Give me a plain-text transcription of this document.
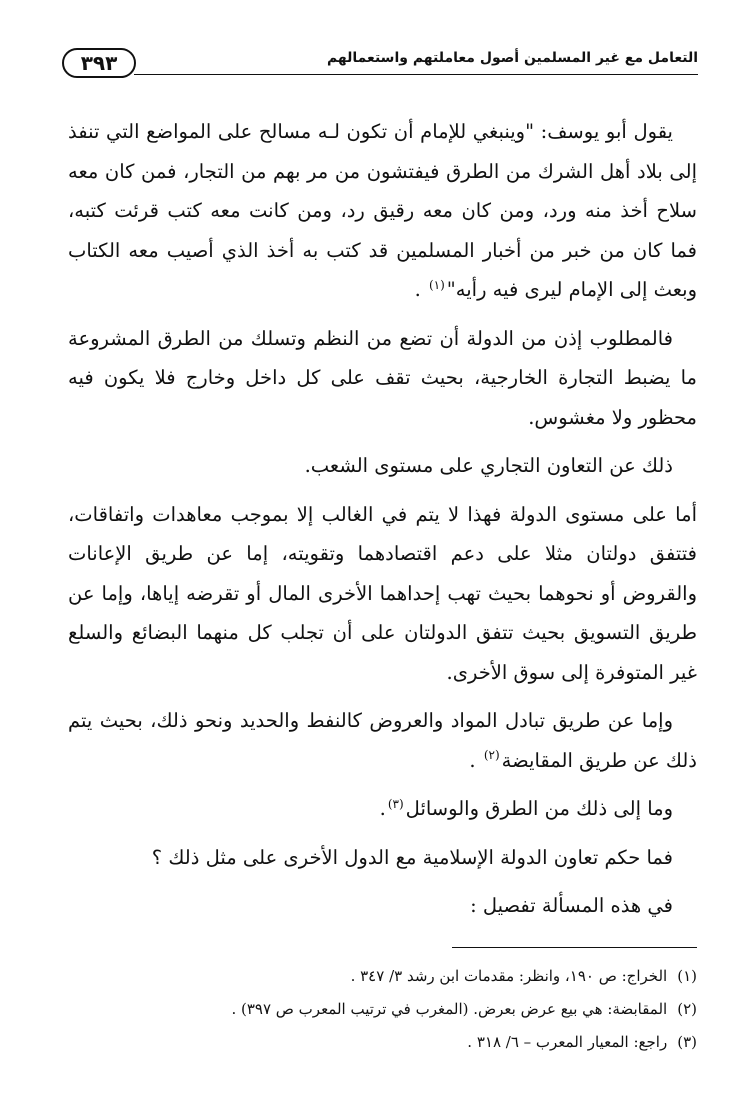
٣٩٣	التعامل مع غير المسلمين أصول معاملتهم واستعمالهم

يقول أبو يوسف: "وينبغي للإمام أن تكون لـه مسالح على المواضع التي تنفذ إلى بلاد أهل الشرك من الطرق فيفتشون من مر بهم من التجار، فمن كان معه سلاح أخذ منه ورد، ومن كان معه رقيق رد، ومن كانت معه كتب قرئت كتبه، فما كان من خبر من أخبار المسلمين قد كتب به أخذ الذي أصيب معه الكتاب وبعث إلى الإمام ليرى فيه رأيه"$^{(١)}$ .

فالمطلوب إذن من الدولة أن تضع من النظم وتسلك من الطرق المشروعة ما يضبط التجارة الخارجية، بحيث تقف على كل داخل وخارج فلا يكون فيه محظور ولا مغشوس.

ذلك عن التعاون التجاري على مستوى الشعب.

أما على مستوى الدولة فهذا لا يتم في الغالب إلا بموجب معاهدات واتفاقات، فتتفق دولتان مثلا على دعم اقتصادهما وتقويته، إما عن طريق الإعانات والقروض أو نحوهما بحيث تهب إحداهما الأخرى المال أو تقرضه إياها، وإما عن طريق التسويق بحيث تتفق الدولتان على أن تجلب كل منهما البضائع والسلع غير المتوفرة إلى سوق الأخرى.

وإما عن طريق تبادل المواد والعروض كالنفط والحديد ونحو ذلك، بحيث يتم ذلك عن طريق المقايضة$^{(٢)}$ .

وما إلى ذلك من الطرق والوسائل$^{(٣)}$.

فما حكم تعاون الدولة الإسلامية مع الدول الأخرى على مثل ذلك ؟

في هذه المسألة تفصيل :

(١)الخراج: ص ١٩٠، وانظر: مقدمات ابن رشد ٣/ ٣٤٧ .

(٢)المقابضة: هي بيع عرض بعرض. (المغرب في ترتيب المعرب ص ٣٩٧) .

(٣)راجع: المعيار المعرب – ٦/ ٣١٨ .
